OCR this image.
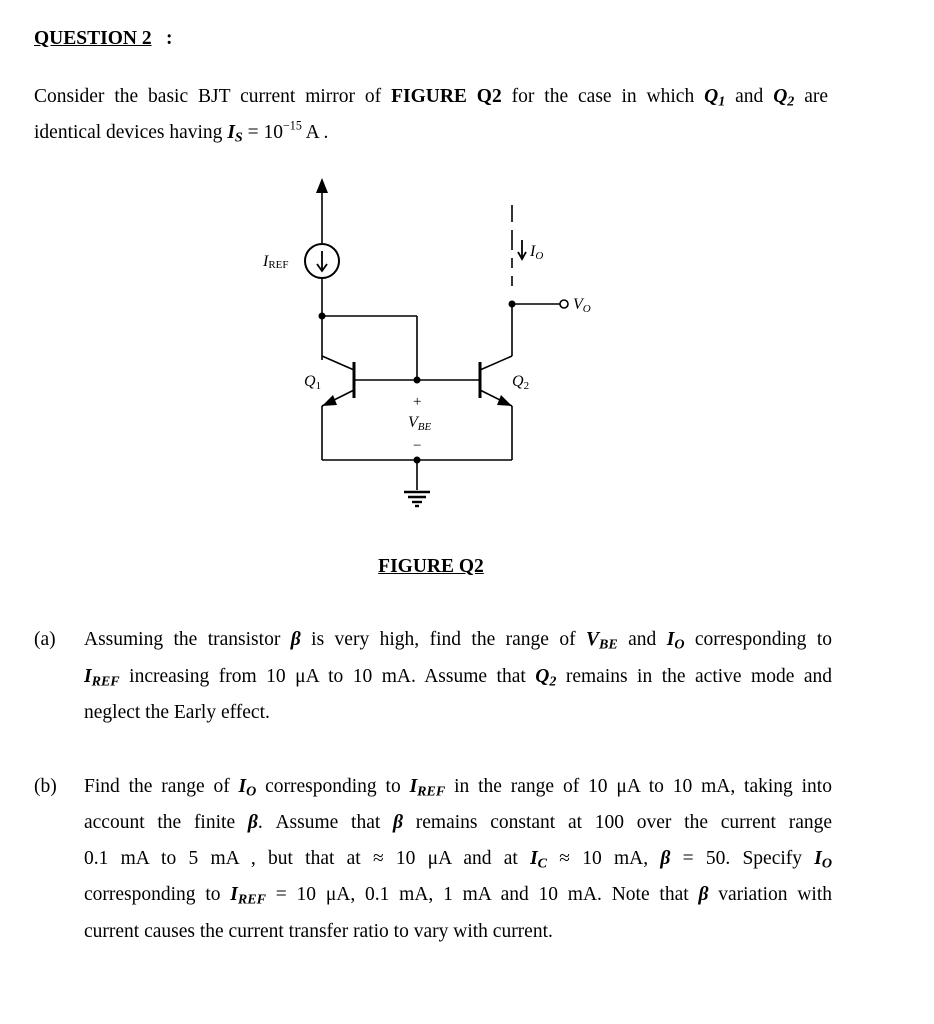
QUESTION 2 :
Consider the basic BJT current mirror of FIGURE Q2 for the case in which $Q_1$ and $Q_2$ are
identical devices having $I_S = 10^{-15}$ A .
IREF
Q1	Q2
IO
VO
+
VBE
−
FIGURE Q2
(a) Assuming the transistor β is very high, find the range of $V_{BE}$ and $I_O$ corresponding to
$I_{REF}$ increasing from 10 μA to 10 mA. Assume that $Q_2$ remains in the active mode and
neglect the Early effect.
(b) Find the range of $I_O$ corresponding to $I_{REF}$ in the range of 10 μA to 10 mA, taking into
account the finite β. Assume that β remains constant at 100 over the current range
0.1 mA to 5 mA , but that at ≈ 10 μA and at $I_C \approx 10$ mA, β = 50. Specify $I_O$
corresponding to $I_{REF} = 10$ μA, 0.1 mA, 1 mA and 10 mA. Note that β variation with
current causes the current transfer ratio to vary with current.
